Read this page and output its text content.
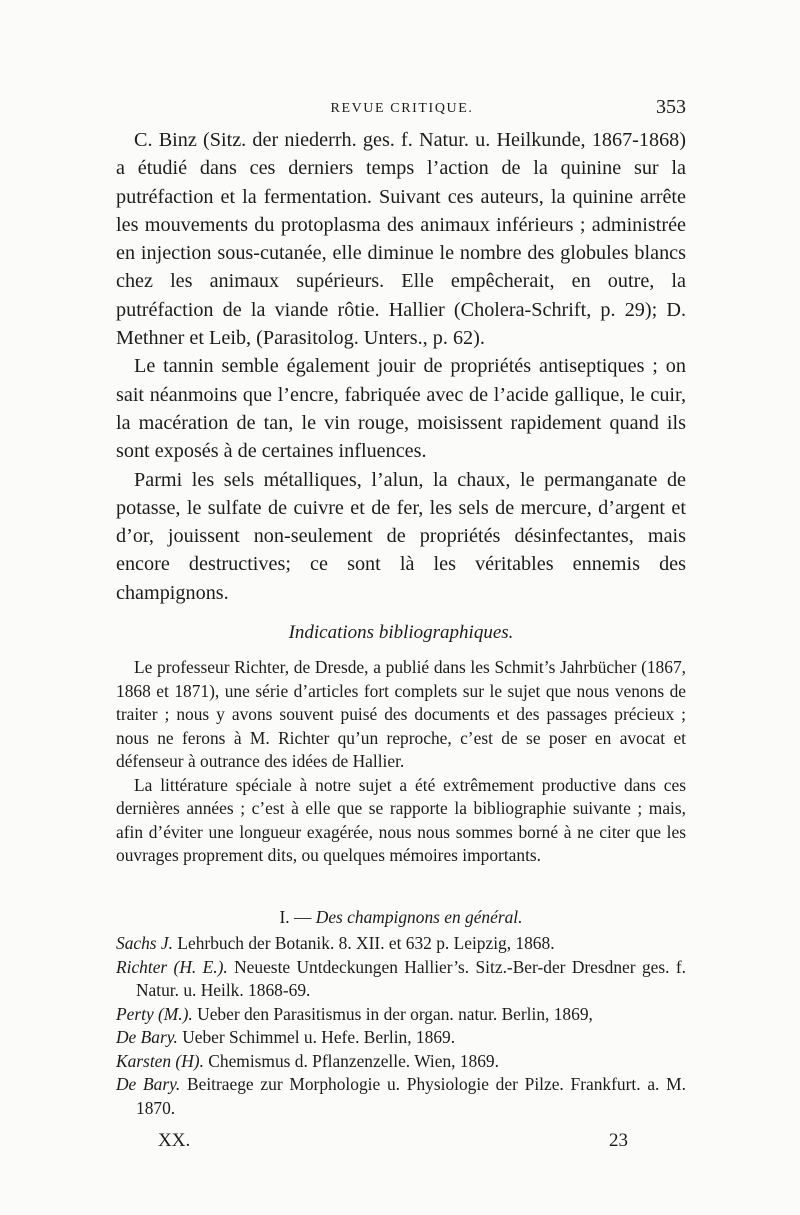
REVUE CRITIQUE.	353

C. Binz (Sitz. der niederrh. ges. f. Natur. u. Heilkunde, 1867-1868) a étudié dans ces derniers temps l’action de la quinine sur la putréfaction et la fermentation. Suivant ces auteurs, la quinine arrête les mouvements du protoplasma des animaux inférieurs ; administrée en injection sous-cutanée, elle diminue le nombre des globules blancs chez les animaux supérieurs. Elle empêcherait, en outre, la putréfaction de la viande rôtie. Hallier (Cholera-Schrift, p. 29); D. Methner et Leib, (Parasitolog. Unters., p. 62).

Le tannin semble également jouir de propriétés antiseptiques ; on sait néanmoins que l’encre, fabriquée avec de l’acide gallique, le cuir, la macération de tan, le vin rouge, moisissent rapidement quand ils sont exposés à de certaines influences.

Parmi les sels métalliques, l’alun, la chaux, le permanganate de potasse, le sulfate de cuivre et de fer, les sels de mercure, d’argent et d’or, jouissent non-seulement de propriétés désinfectantes, mais encore destructives; ce sont là les véritables ennemis des champignons.

Indications bibliographiques.

Le professeur Richter, de Dresde, a publié dans les Schmit’s Jahrbücher (1867, 1868 et 1871), une série d’articles fort complets sur le sujet que nous venons de traiter ; nous y avons souvent puisé des documents et des passages précieux ; nous ne ferons à M. Richter qu’un reproche, c’est de se poser en avocat et défenseur à outrance des idées de Hallier.

La littérature spéciale à notre sujet a été extrêmement productive dans ces dernières années ; c’est à elle que se rapporte la bibliographie suivante ; mais, afin d’éviter une longueur exagérée, nous nous sommes borné à ne citer que les ouvrages proprement dits, ou quelques mémoires importants.

I. — Des champignons en général.
Sachs J. Lehrbuch der Botanik. 8. XII. et 632 p. Leipzig, 1868.
Richter (H. E.). Neueste Untdeckungen Hallier’s. Sitz.-Ber-der Dresdner ges. f. Natur. u. Heilk. 1868-69.
Perty (M.). Ueber den Parasitismus in der organ. natur. Berlin, 1869,
De Bary. Ueber Schimmel u. Hefe. Berlin, 1869.
Karsten (H). Chemismus d. Pflanzenzelle. Wien, 1869.
De Bary. Beitraege zur Morphologie u. Physiologie der Pilze. Frankfurt. a. M. 1870.
XX.	23
